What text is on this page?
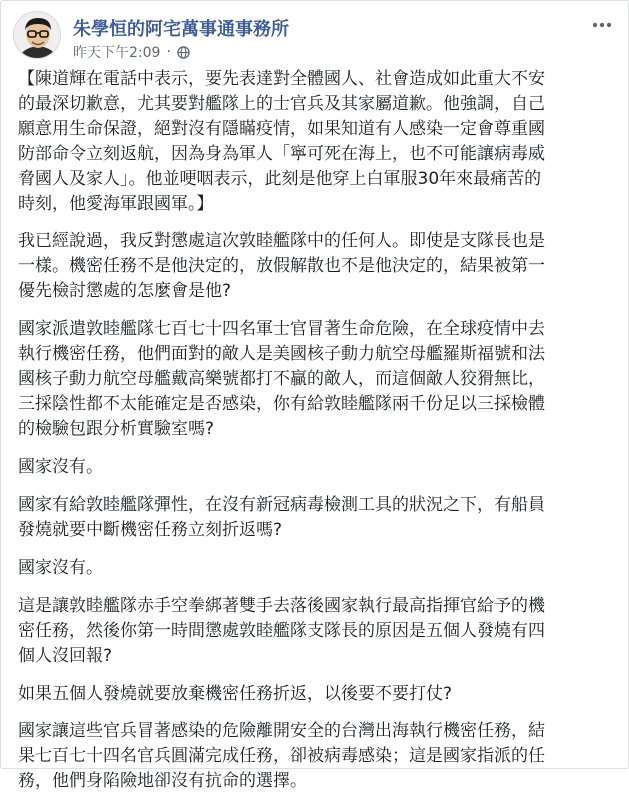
朱學恒的阿宅萬事通事務所
昨天下午2:09 ·
【陳道輝在電話中表示，要先表達對全體國人、社會造成如此重大不安
的最深切歉意，尤其要對艦隊上的士官兵及其家屬道歉。他強調，自己
願意用生命保證，絕對沒有隱瞞疫情，如果知道有人感染一定會尊重國
防部命令立刻返航，因為身為軍人「寧可死在海上，也不可能讓病毒威
脅國人及家人」。他並哽咽表示，此刻是他穿上白軍服30年來最痛苦的
時刻，他愛海軍跟國軍。】
我已經說過，我反對懲處這次敦睦艦隊中的任何人。即使是支隊長也是
一樣。機密任務不是他決定的，放假解散也不是他決定的，結果被第一
優先檢討懲處的怎麼會是他?
國家派遣敦睦艦隊七百七十四名軍士官冒著生命危險，在全球疫情中去
執行機密任務，他們面對的敵人是美國核子動力航空母艦羅斯福號和法
國核子動力航空母艦戴高樂號都打不贏的敵人，而這個敵人狡猾無比，
三採陰性都不太能確定是否感染，你有給敦睦艦隊兩千份足以三採檢體
的檢驗包跟分析實驗室嗎?
國家沒有。
國家有給敦睦艦隊彈性，在沒有新冠病毒檢測工具的狀況之下，有船員
發燒就要中斷機密任務立刻折返嗎?
國家沒有。
這是讓敦睦艦隊赤手空拳綁著雙手去落後國家執行最高指揮官給予的機
密任務，然後你第一時間懲處敦睦艦隊支隊長的原因是五個人發燒有四
個人沒回報?
如果五個人發燒就要放棄機密任務折返，以後要不要打仗?
國家讓這些官兵冒著感染的危險離開安全的台灣出海執行機密任務，結
果七百七十四名官兵圓滿完成任務，卻被病毒感染；這是國家指派的任
務，他們身陷險地卻沒有抗命的選擇。
